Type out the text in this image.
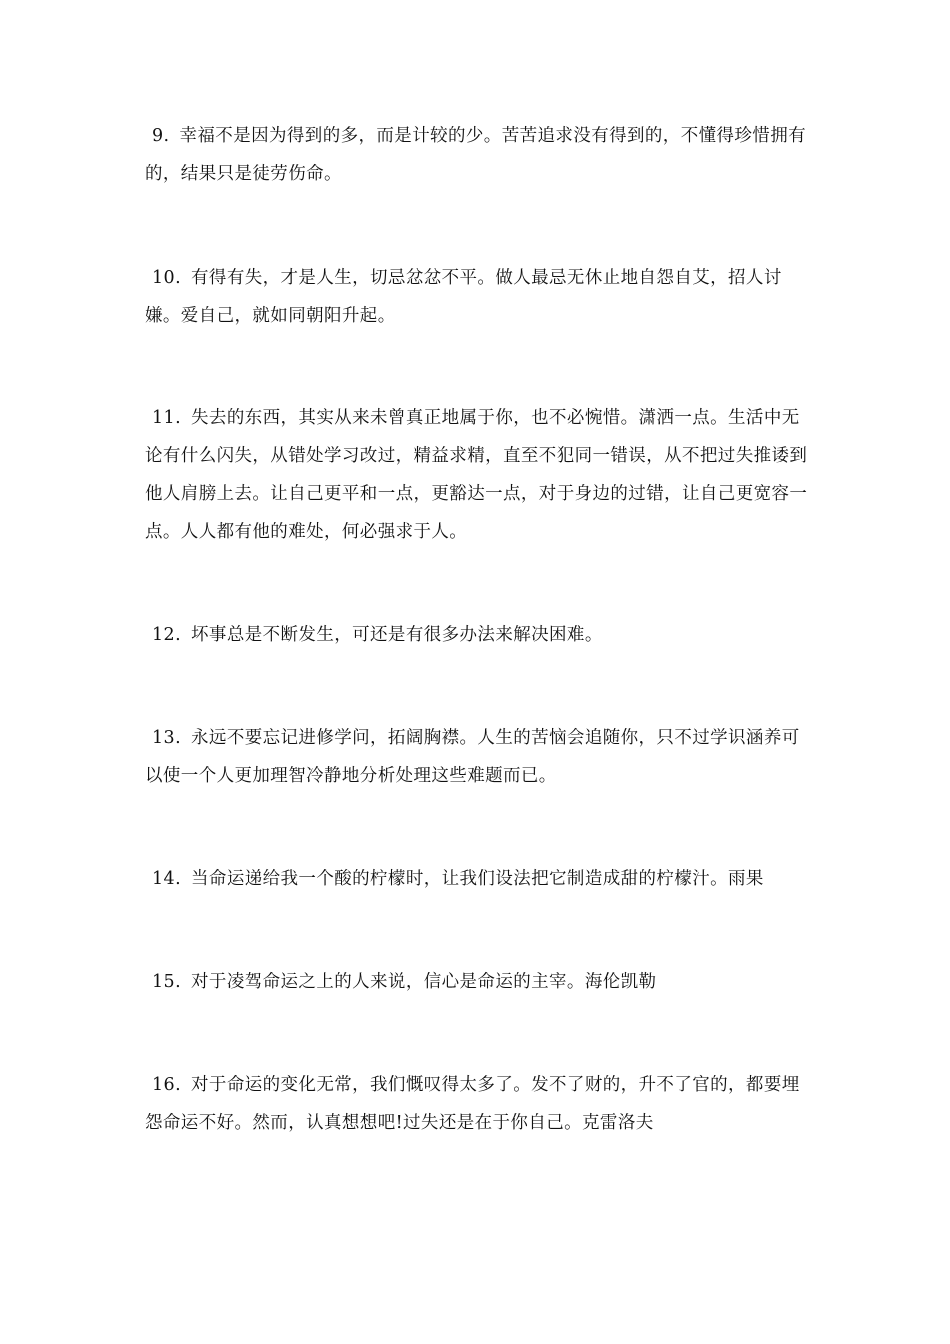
9. 幸福不是因为得到的多，而是计较的少。苦苦追求没有得到的，不懂得珍惜拥有的，结果只是徒劳伤命。

10. 有得有失，才是人生，切忌忿忿不平。做人最忌无休止地自怨自艾，招人讨嫌。爱自己，就如同朝阳升起。

11. 失去的东西，其实从来未曾真正地属于你，也不必惋惜。潇洒一点。生活中无论有什么闪失，从错处学习改过，精益求精，直至不犯同一错误，从不把过失推诿到他人肩膀上去。让自己更平和一点，更豁达一点，对于身边的过错，让自己更宽容一点。人人都有他的难处，何必强求于人。

12. 坏事总是不断发生，可还是有很多办法来解决困难。

13. 永远不要忘记进修学问，拓阔胸襟。人生的苦恼会追随你，只不过学识涵养可以使一个人更加理智冷静地分析处理这些难题而已。

14. 当命运递给我一个酸的柠檬时，让我们设法把它制造成甜的柠檬汁。雨果

15. 对于凌驾命运之上的人来说，信心是命运的主宰。海伦凯勒

16. 对于命运的变化无常，我们慨叹得太多了。发不了财的，升不了官的，都要埋怨命运不好。然而，认真想想吧!过失还是在于你自己。克雷洛夫
